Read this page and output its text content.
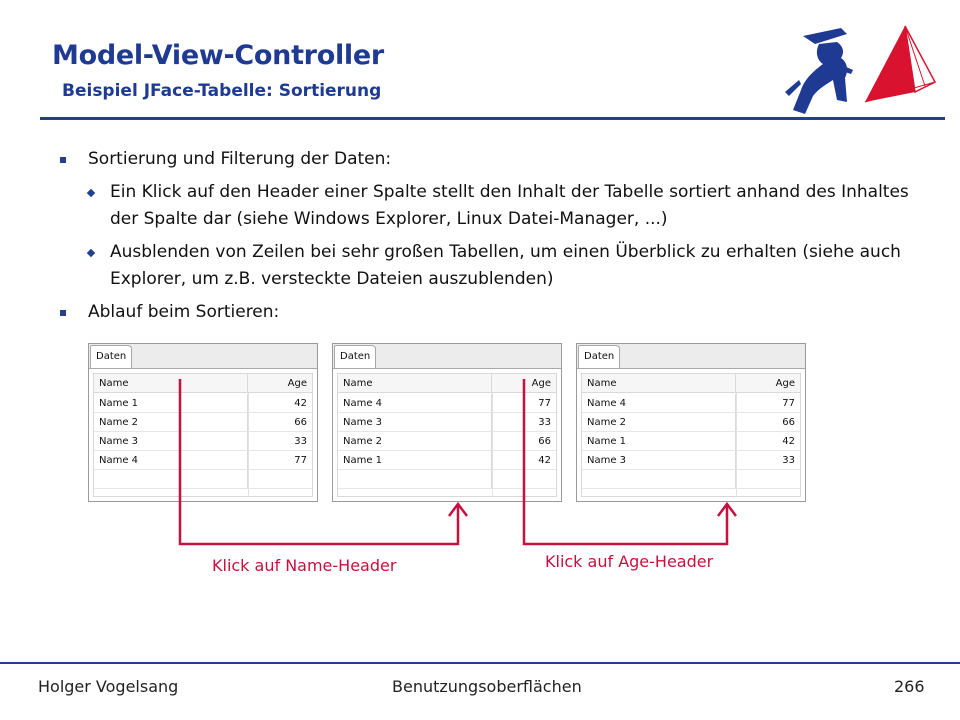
Model-View-Controller
Beispiel JFace-Tabelle: Sortierung
Sortierung und Filterung der Daten:
Ein Klick auf den Header einer Spalte stellt den Inhalt der Tabelle sortiert anhand des Inhaltes der Spalte dar (siehe Windows Explorer, Linux Datei-Manager, ...)
Ausblenden von Zeilen bei sehr großen Tabellen, um einen Überblick zu erhalten (siehe auch Explorer, um z.B. versteckte Dateien auszublenden)
Ablauf beim Sortieren:
Daten
Name	Age
Name 1	42
Name 2	66
Name 3	33
Name 4	77
Daten
Name	Age
Name 4	77
Name 3	33
Name 2	66
Name 1	42
Daten
Name	Age
Name 4	77
Name 2	66
Name 1	42
Name 3	33
Klick auf Name-Header	Klick auf Age-Header
Holger Vogelsang	Benutzungsoberflächen	266
